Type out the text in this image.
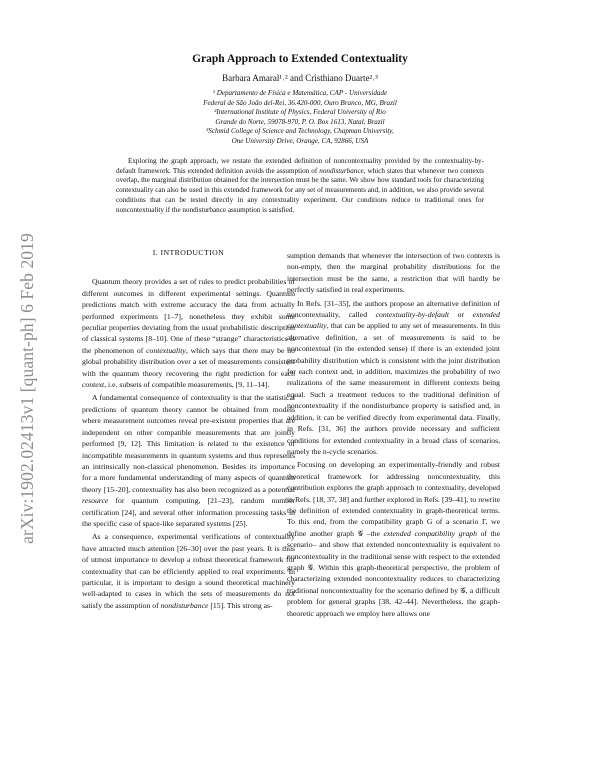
arXiv:1902.02413v1 [quant-ph] 6 Feb 2019
Graph Approach to Extended Contextuality
Barbara Amaral¹˒² and Cristhiano Duarte²˒³

¹ Departamento de Física e Matemática, CAP - Universidade

Federal de São João del-Rei, 36.420-000, Ouro Branco, MG, Brazil

²International Institute of Physics, Federal University of Rio

Grande do Norte, 59078-970, P. O. Box 1613, Natal, Brazil

³Schmid College of Science and Technology, Chapman University,

One University Drive, Orange, CA, 92866, USA

Exploring the graph approach, we restate the extended definition of noncontextuality provided by the contextuality-by-default framework. This extended definition avoids the assumption of nondisturbance, which states that whenever two contexts overlap, the marginal distribution obtained for the intersection must be the same. We show how standard tools for characterizing contextuality can also be used in this extended framework for any set of measurements and, in addition, we also provide several conditions that can be tested directly in any contextuality experiment. Our conditions reduce to traditional ones for noncontextuality if the nondisturbance assumption is satisfied.

I. INTRODUCTION

Quantum theory provides a set of rules to predict probabilities of different outcomes in different experimental settings. Quantum predictions match with extreme accuracy the data from actually performed experiments [1–7], nonetheless they exhibit some peculiar properties deviating from the usual probabilistic description of classical systems [8–10]. One of these “strange” characteristics is the phenomenon of contextuality, which says that there may be no global probability distribution over a set of measurements consistent with the quantum theory recovering the right prediction for each context, i.e. subsets of compatible measurements, [9, 11–14].

A fundamental consequence of contextuality is that the statistical predictions of quantum theory cannot be obtained from models where measurement outcomes reveal pre-existent properties that are independent on other compatible measurements that are jointly performed [9, 12]. This limitation is related to the existence of incompatible measurements in quantum systems and thus represents an intrinsically non-classical phenomenon. Besides its importance for a more fundamental understanding of many aspects of quantum theory [15–20], contextuality has also been recognized as a potential resource for quantum computing, [21–23], random number certification [24], and several other information processing tasks in the specific case of space-like separated systems [25].

As a consequence, experimental verifications of contextuality have attracted much attention [26–30] over the past years. It is thus of utmost importance to develop a robust theoretical framework for contextuality that can be efficiently applied to real experiments. In particular, it is important to design a sound theoretical machinery well-adapted to cases in which the sets of measurements do not satisfy the assumption of nondisturbance [15]. This strong as-

sumption demands that whenever the intersection of two contexts is non-empty, then the marginal probability distributions for the intersection must be the same, a restriction that will hardly be perfectly satisfied in real experiments.

In Refs. [31–35], the authors propose an alternative definition of noncontextuality, called contextuality-by-default or extended contextuality, that can be applied to any set of measurements. In this alternative definition, a set of measurements is said to be noncontextual (in the extended sense) if there is an extended joint probability distribution which is consistent with the joint distribution for each context and, in addition, maximizes the probability of two realizations of the same measurement in different contexts being equal. Such a treatment reduces to the traditional definition of noncontextuality if the nondisturbance property is satisfied and, in addition, it can be verified directly from experimental data. Finally, in Refs. [31, 36] the authors provide necessary and sufficient conditions for extended contextuality in a broad class of scenarios, namely the n-cycle scenarios.

Focusing on developing an experimentally-friendly and robust theoretical framework for addressing noncontextuality, this contribution explores the graph approach to contextuality, developed in Refs. [18, 37, 38] and further explored in Refs. [39–41], to rewrite the definition of extended contextuality in graph-theoretical terms. To this end, from the compatibility graph G of a scenario Γ, we define another graph 𝒢 –the extended compatibility graph of the scenario– and show that extended noncontextuality is equivalent to noncontextuality in the traditional sense with respect to the extended graph 𝒢. Within this graph-theoretical perspective, the problem of characterizing extended noncontextuality reduces to characterizing traditional noncontextuality for the scenario defined by 𝒢, a difficult problem for general graphs [38, 42–44]. Nevertheless, the graph-theoretic approach we employ here allows one
